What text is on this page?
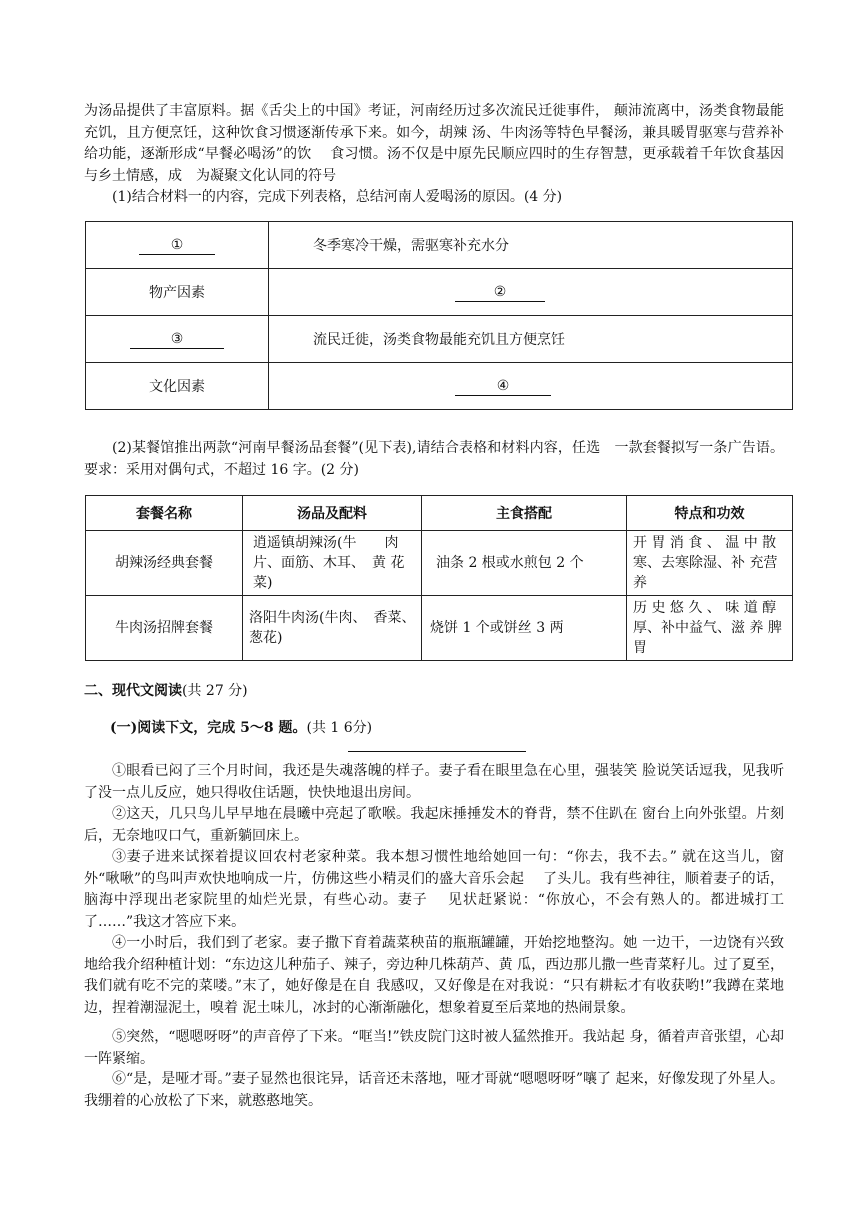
为汤品提供了丰富原料。据《舌尖上的中国》考证，河南经历过多次流民迁徙事件， 颠沛流离中，汤类食物最能充饥，且方便烹饪，这种饮食习惯逐渐传承下来。如今，胡辣 汤、牛肉汤等特色早餐汤，兼具暖胃驱寒与营养补给功能，逐渐形成“早餐必喝汤”的饮　 食习惯。汤不仅是中原先民顺应四时的生存智慧，更承载着千年饮食基因与乡土情感，成　为凝聚文化认同的符号

(1)结合材料一的内容，完成下列表格，总结河南人爱喝汤的原因。(4 分)

①	冬季寒冷干燥，需驱寒补充水分
物产因素	②
③	流民迁徙，汤类食物最能充饥且方便烹饪
文化因素	④

(2)某餐馆推出两款“河南早餐汤品套餐”(见下表),请结合表格和材料内容，任选　一款套餐拟写一条广告语。要求：采用对偶句式，不超过 16 字。(2 分)

套餐名称	汤品及配料	主食搭配	特点和功效
胡辣汤经典套餐	逍遥镇胡辣汤(牛　　肉片、面筋、木耳、　黄 花菜)	油条 2 根或水煎包 2 个	开 胃 消 食 、 温 中 散 寒、去寒除湿、补 充营养
牛肉汤招牌套餐	洛阳牛肉汤(牛肉、　香菜、葱花)	烧饼 1 个或饼丝 3 两	历 史 悠 久 、 味 道 醇 厚、补中益气、滋 养 脾 胃

二、现代文阅读(共 27 分)

(一)阅读下文，完成 5～8 题。(共 1 6分)

①眼看已闷了三个月时间，我还是失魂落魄的样子。妻子看在眼里急在心里，强装笑 脸说笑话逗我，见我听了没一点儿反应，她只得收住话题，快快地退出房间。

②这天，几只鸟儿早早地在晨曦中亮起了歌喉。我起床捶捶发木的脊背，禁不住趴在 窗台上向外张望。片刻后，无奈地叹口气，重新躺回床上。

③妻子进来试探着提议回农村老家种菜。我本想习惯性地给她回一句：“你去，我不去。” 就在这当儿，窗外“啾啾”的鸟叫声欢快地响成一片，仿佛这些小精灵们的盛大音乐会起　 了头儿。我有些神往，顺着妻子的话，脑海中浮现出老家院里的灿烂光景，有些心动。妻子　 见状赶紧说：“你放心，不会有熟人的。都进城打工了……”我这才答应下来。

④一小时后，我们到了老家。妻子撒下育着蔬菜秧苗的瓶瓶罐罐，开始挖地整沟。她 一边干，一边饶有兴致地给我介绍种植计划：“东边这儿种茄子、辣子，旁边种几株葫芦、黄 瓜，西边那儿撒一些青菜籽儿。过了夏至，我们就有吃不完的菜喽。”末了，她好像是在自 我感叹，又好像是在对我说：“只有耕耘才有收获哟!”我蹲在菜地边，捏着潮湿泥土，嗅着 泥土味儿，冰封的心渐渐融化，想象着夏至后菜地的热闹景象。

⑤突然，“嗯嗯呀呀”的声音停了下来。“哐当!”铁皮院门这时被人猛然推开。我站起 身，循着声音张望，心却一阵紧缩。

⑥“是，是哑才哥。”妻子显然也很诧异，话音还未落地，哑才哥就“嗯嗯呀呀”嚷了 起来，好像发现了外星人。我绷着的心放松了下来，就憨憨地笑。
